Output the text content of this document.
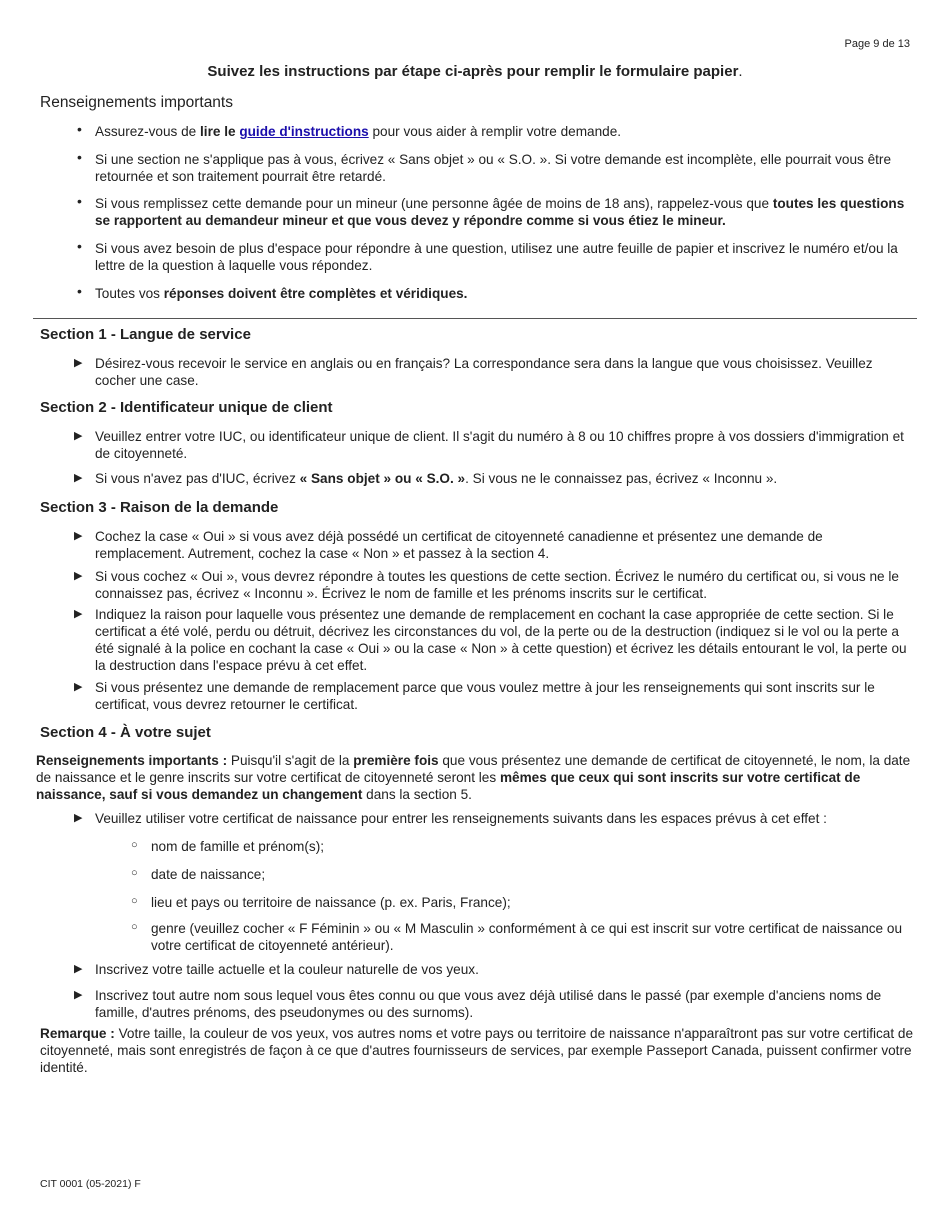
Page 9 de 13
Suivez les instructions par étape ci-après pour remplir le formulaire papier.
Renseignements importants
• Assurez-vous de lire le guide d'instructions pour vous aider à remplir votre demande.
• Si une section ne s'applique pas à vous, écrivez « Sans objet » ou « S.O. ». Si votre demande est incomplète, elle pourrait vous être retournée et son traitement pourrait être retardé.
• Si vous remplissez cette demande pour un mineur (une personne âgée de moins de 18 ans), rappelez-vous que toutes les questions se rapportent au demandeur mineur et que vous devez y répondre comme si vous étiez le mineur.
• Si vous avez besoin de plus d'espace pour répondre à une question, utilisez une autre feuille de papier et inscrivez le numéro et/ou la lettre de la question à laquelle vous répondez.
• Toutes vos réponses doivent être complètes et véridiques.
Section 1 - Langue de service
▶ Désirez-vous recevoir le service en anglais ou en français? La correspondance sera dans la langue que vous choisissez. Veuillez cocher une case.
Section 2 - Identificateur unique de client
▶ Veuillez entrer votre IUC, ou identificateur unique de client. Il s'agit du numéro à 8 ou 10 chiffres propre à vos dossiers d'immigration et de citoyenneté.
▶ Si vous n'avez pas d'IUC, écrivez « Sans objet » ou « S.O. ». Si vous ne le connaissez pas, écrivez « Inconnu ».
Section 3 - Raison de la demande
▶ Cochez la case « Oui » si vous avez déjà possédé un certificat de citoyenneté canadienne et présentez une demande de remplacement. Autrement, cochez la case « Non » et passez à la section 4.
▶ Si vous cochez « Oui », vous devrez répondre à toutes les questions de cette section. Écrivez le numéro du certificat ou, si vous ne le connaissez pas, écrivez « Inconnu ». Écrivez le nom de famille et les prénoms inscrits sur le certificat.
▶ Indiquez la raison pour laquelle vous présentez une demande de remplacement en cochant la case appropriée de cette section. Si le certificat a été volé, perdu ou détruit, décrivez les circonstances du vol, de la perte ou de la destruction (indiquez si le vol ou la perte a été signalé à la police en cochant la case « Oui » ou la case « Non » à cette question) et écrivez les détails entourant le vol, la perte ou la destruction dans l'espace prévu à cet effet.
▶ Si vous présentez une demande de remplacement parce que vous voulez mettre à jour les renseignements qui sont inscrits sur le certificat, vous devrez retourner le certificat.
Section 4 - À votre sujet
Renseignements importants : Puisqu'il s'agit de la première fois que vous présentez une demande de certificat de citoyenneté, le nom, la date de naissance et le genre inscrits sur votre certificat de citoyenneté seront les mêmes que ceux qui sont inscrits sur votre certificat de naissance, sauf si vous demandez un changement dans la section 5.
▶ Veuillez utiliser votre certificat de naissance pour entrer les renseignements suivants dans les espaces prévus à cet effet :
○ nom de famille et prénom(s);
○ date de naissance;
○ lieu et pays ou territoire de naissance (p. ex. Paris, France);
○ genre (veuillez cocher « F Féminin » ou « M Masculin » conformément à ce qui est inscrit sur votre certificat de naissance ou votre certificat de citoyenneté antérieur).
▶ Inscrivez votre taille actuelle et la couleur naturelle de vos yeux.
▶ Inscrivez tout autre nom sous lequel vous êtes connu ou que vous avez déjà utilisé dans le passé (par exemple d'anciens noms de famille, d'autres prénoms, des pseudonymes ou des surnoms).
Remarque : Votre taille, la couleur de vos yeux, vos autres noms et votre pays ou territoire de naissance n'apparaîtront pas sur votre certificat de citoyenneté, mais sont enregistrés de façon à ce que d'autres fournisseurs de services, par exemple Passeport Canada, puissent confirmer votre identité.
CIT 0001 (05-2021) F
